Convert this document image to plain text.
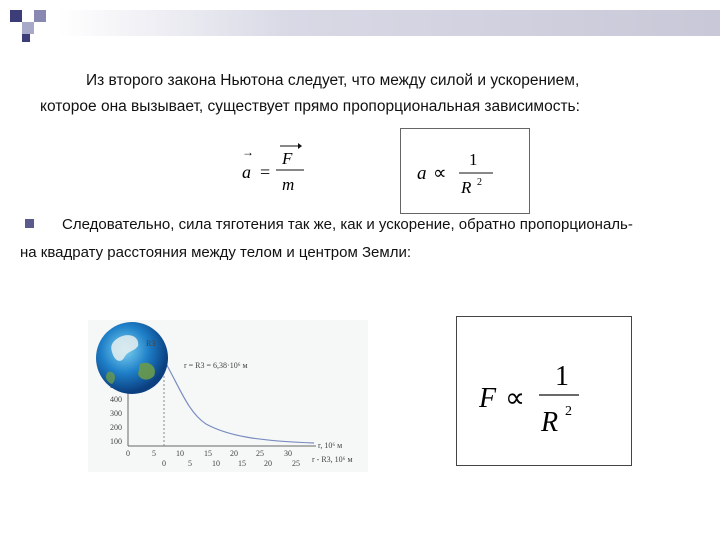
Из второго закона Ньютона следует, что между силой и ускорением,
которое она вызывает, существует прямо пропорциональная зависимость:
→
a =
F
m
a ∝
1
R 2
Следовательно, сила тяготения так же, как и ускорение, обратно пропорциональ-
на квадрату расстояния между телом и центром Земли:
400
300
200
100
0	5	10	15 20 25	30
0	5	10 15 20	25
r, 10⁶ м
r - R3, 10⁶ м
r = R3 = 6,38·10⁶ м
R3
F ∝
1
R 2
